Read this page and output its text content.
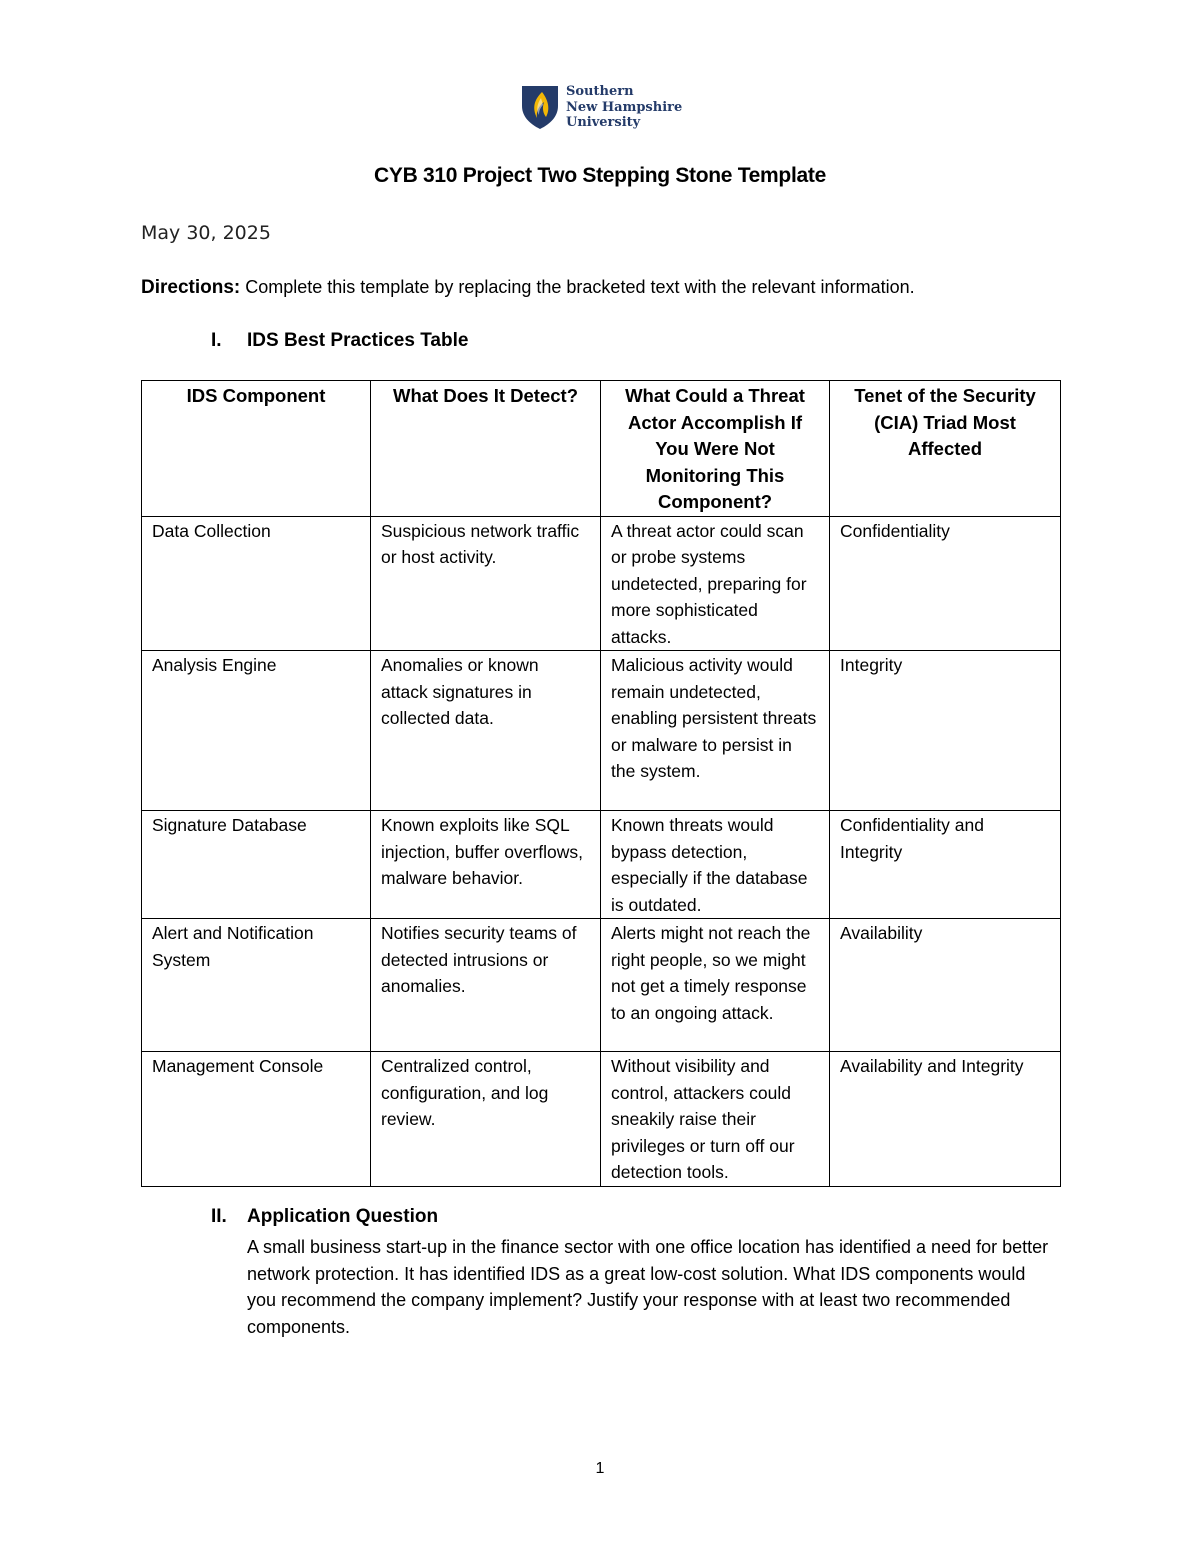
Southern
New Hampshire
University
CYB 310 Project Two Stepping Stone Template
May 30, 2025
Directions: Complete this template by replacing the bracketed text with the relevant information.
I. IDS Best Practices Table
IDS Component	What Does It Detect?	What Could a Threat Actor Accomplish If You Were Not Monitoring This Component?	Tenet of the Security (CIA) Triad Most Affected
Data Collection	Suspicious network traffic or host activity.	A threat actor could scan or probe systems undetected, preparing for more sophisticated attacks.	Confidentiality
Analysis Engine	Anomalies or known attack signatures in collected data.	Malicious activity would remain undetected, enabling persistent threats or malware to persist in the system.	Integrity
Signature Database	Known exploits like SQL injection, buffer overflows, malware behavior.	Known threats would bypass detection, especially if the database is outdated.	Confidentiality and Integrity
Alert and Notification System	Notifies security teams of detected intrusions or anomalies.	Alerts might not reach the right people, so we might not get a timely response to an ongoing attack.	Availability
Management Console	Centralized control, configuration, and log review.	Without visibility and control, attackers could sneakily raise their privileges or turn off our detection tools.	Availability and Integrity
II. Application Question
A small business start-up in the finance sector with one office location has identified a need for better network protection. It has identified IDS as a great low-cost solution. What IDS components would you recommend the company implement? Justify your response with at least two recommended components.
1
